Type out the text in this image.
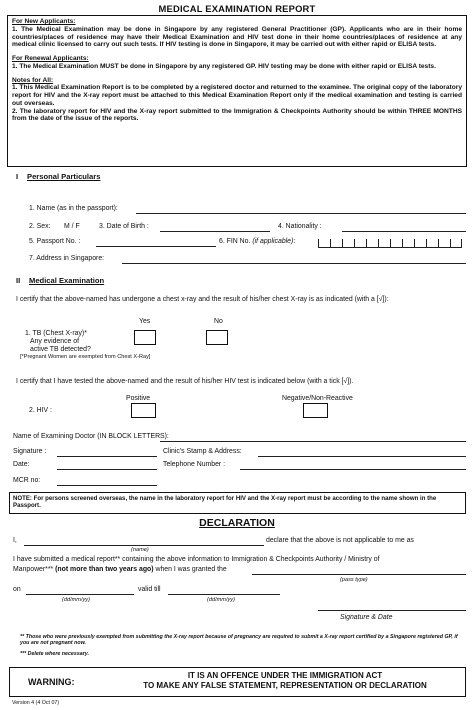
MEDICAL EXAMINATION REPORT
For New Applicants:

1. The Medical Examination may be done in Singapore by any registered General Practitioner (GP). Applicants who are in their home countries/places of residence may have their Medical Examination and HIV test done in their home countries/places of residence at any medical clinic licensed to carry out such tests. If HIV testing is done in Singapore, it may be carried out with either rapid or ELISA tests.

For Renewal Applicants:

1. The Medical Examination MUST be done in Singapore by any registered GP. HIV testing may be done with either rapid or ELISA tests.

Notes for All:

1. This Medical Examination Report is to be completed by a registered doctor and returned to the examinee. The original copy of the laboratory report for HIV and the X-ray report must be attached to this Medical Examination Report only if the medical examination and testing is carried out overseas.

2. The laboratory report for HIV and the X-ray report submitted to the Immigration & Checkpoints Authority should be within THREE MONTHS from the date of the issue of the reports.

I Personal Particulars
1. Name (as in the passport):
2. Sex: M / F	3. Date of Birth :	4. Nationality :
5. Passport No. :	6. FIN No. (if applicable):
7. Address in Singapore:
II Medical Examination
I certify that the above-named has undergone a chest x-ray and the result of his/her chest X-ray is as indicated (with a [√]):
Yes	No
1. TB (Chest X-ray)*
Any evidence of
active TB detected?
[*Pregnant Women are exempted from Chest X-Ray]
I certify that I have tested the above-named and the result of his/her HIV test is indicated below (with a tick [√]).
Positive	Negative/Non-Reactive
2. HIV :
Name of Examining Doctor (IN BLOCK LETTERS):
Signature :	Clinic's Stamp & Address:
Date:	Telephone Number :
MCR no:
NOTE: For persons screened overseas, the name in the laboratory report for HIV and the X-ray report must be according to the name shown in the Passport.
DECLARATION
I,	declare that the above is not applicable to me as
(name)
I have submitted a medical report** containing the above information to Immigration & Checkpoints Authority / Ministry of
Manpower*** (not more than two years ago) when I was granted the
(pass type)
on	valid till
(dd/mm/yy)	(dd/mm/yy)
Signature & Date
** Those who were previously exempted from submitting the X-ray report because of pregnancy are required to submit a X-ray report certified by a Singapore registered GP, if you are not pregnant now.
*** Delete where necessary.
WARNING:
IT IS AN OFFENCE UNDER THE IMMIGRATION ACT
TO MAKE ANY FALSE STATEMENT, REPRESENTATION OR DECLARATION
Version 4 (4 Oct 07)
